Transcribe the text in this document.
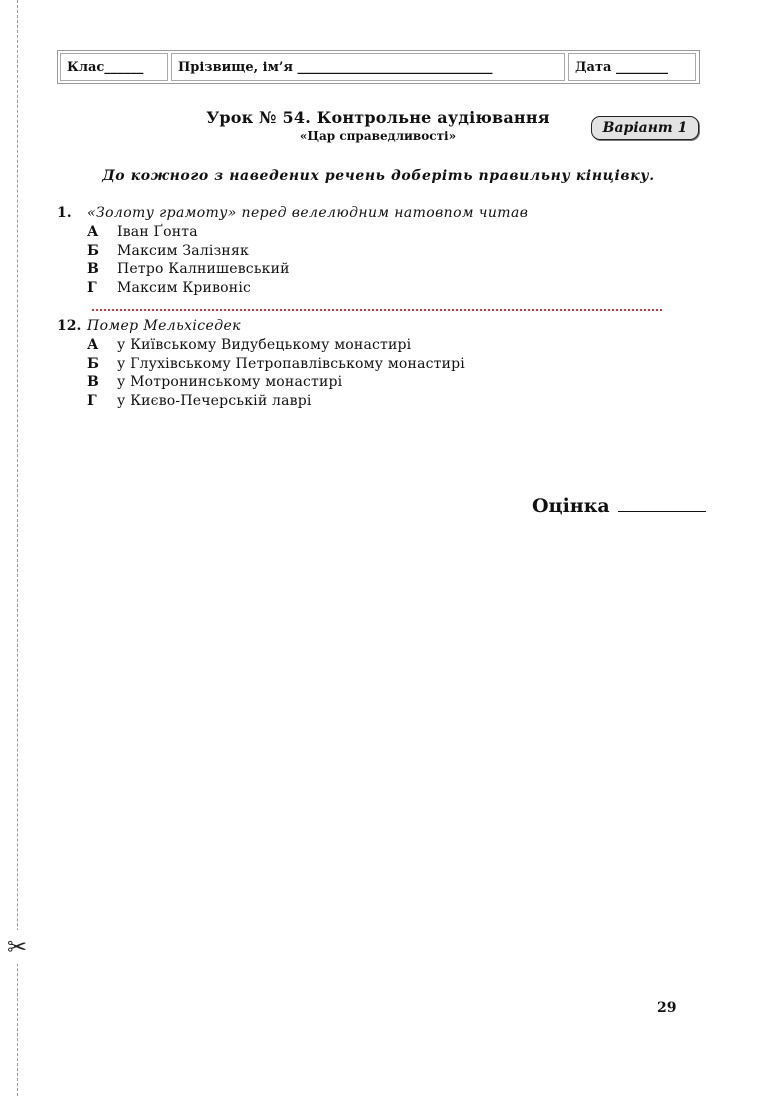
✂
Клас______	Прізвище, ім’я ______________________________	Дата ________
Урок № 54. Контрольне аудіювання
«Цар справедливості»	Варіант 1
До кожного з наведених речень доберіть правильну кінцівку.
1.	«Золоту грамоту» перед велелюдним натовпом читав
А	Іван Ґонта
Б	Максим Залізняк
В	Петро Калнишевський
Г	Максим Кривоніс
12. Помер Мельхіседек
А	у Київському Видубецькому монастирі
Б	у Глухівському Петропавлівському монастирі
В	у Мотронинському монастирі
Г	у Києво-Печерській лаврі
Оцінка
29
